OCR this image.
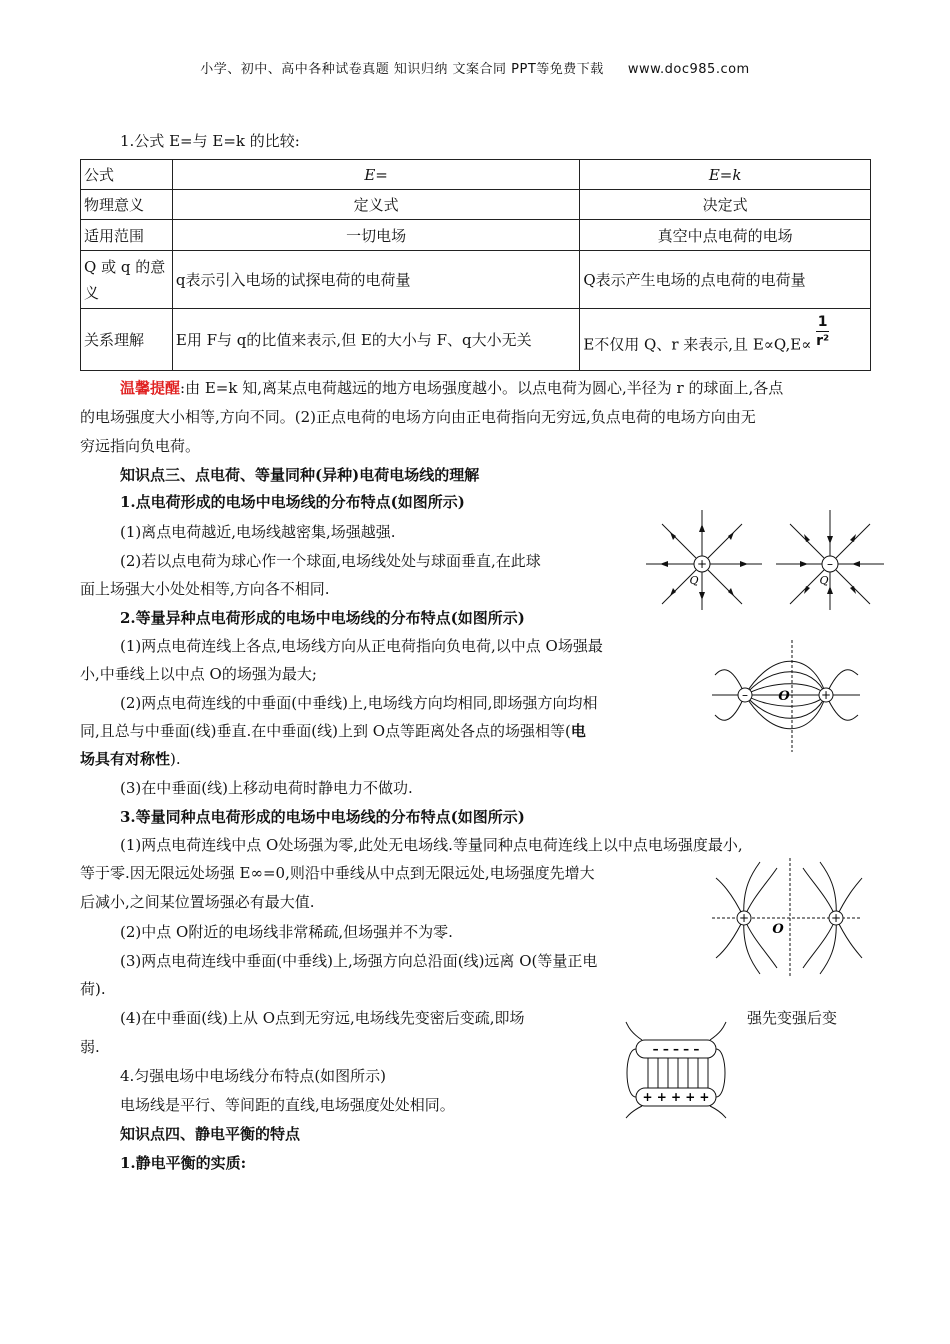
小学、初中、高中各种试卷真题 知识归纳 文案合同 PPT等免费下载 www.doc985.com
1.公式 E=与 E=k 的比较:
公式	E=	E=k
物理意义	定义式	决定式
适用范围	一切电场	真空中点电荷的电场
Q 或 q 的意义	q表示引入电场的试探电荷的电荷量	Q表示产生电场的点电荷的电荷量
关系理解	E用 F与 q的比值来表示,但 E的大小与 F、q大小无关	E不仅用 Q、r 来表示,且 $E\propto Q,E\propto \frac{1}{\text{r²}}$
温馨提醒:由 E=k 知,离某点电荷越远的地方电场强度越小。以点电荷为圆心,半径为 r 的球面上,各点
的电场强度大小相等,方向不同。(2)正点电荷的电场方向由正电荷指向无穷远,负点电荷的电场方向由无
穷远指向负电荷。
知识点三、点电荷、等量同种(异种)电荷电场线的理解
1.点电荷形成的电场中电场线的分布特点(如图所示)
(1)离点电荷越近,电场线越密集,场强越强.
(2)若以点电荷为球心作一个球面,电场线处处与球面垂直,在此球
面上场强大小处处相等,方向各不相同.
2.等量异种点电荷形成的电场中电场线的分布特点(如图所示)
(1)两点电荷连线上各点,电场线方向从正电荷指向负电荷,以中点 O场强最
小,中垂线上以中点 O的场强为最大;
(2)两点电荷连线的中垂面(中垂线)上,电场线方向均相同,即场强方向均相
同,且总与中垂面(线)垂直.在中垂面(线)上到 O点等距离处各点的场强相等(电
场具有对称性).
(3)在中垂面(线)上移动电荷时静电力不做功.
3.等量同种点电荷形成的电场中电场线的分布特点(如图所示)
(1)两点电荷连线中点 O处场强为零,此处无电场线.等量同种点电荷连线上以中点电场强度最小,
等于零.因无限远处场强 E∞=0,则沿中垂线从中点到无限远处,电场强度先增大
后减小,之间某位置场强必有最大值.
(2)中点 O附近的电场线非常稀疏,但场强并不为零.
(3)两点电荷连线中垂面(中垂线)上,场强方向总沿面(线)远离 O(等量正电
荷).
(4)在中垂面(线)上从 O点到无穷远,电场线先变密后变疏,即场	强先变强后变
弱.
4.匀强电场中电场线分布特点(如图所示)
电场线是平行、等间距的直线,电场强度处处相同。
知识点四、静电平衡的特点
1.静电平衡的实质:
+
Q
–
Q
–	+
O
+	+
O
– – – – –
+ + + + +
